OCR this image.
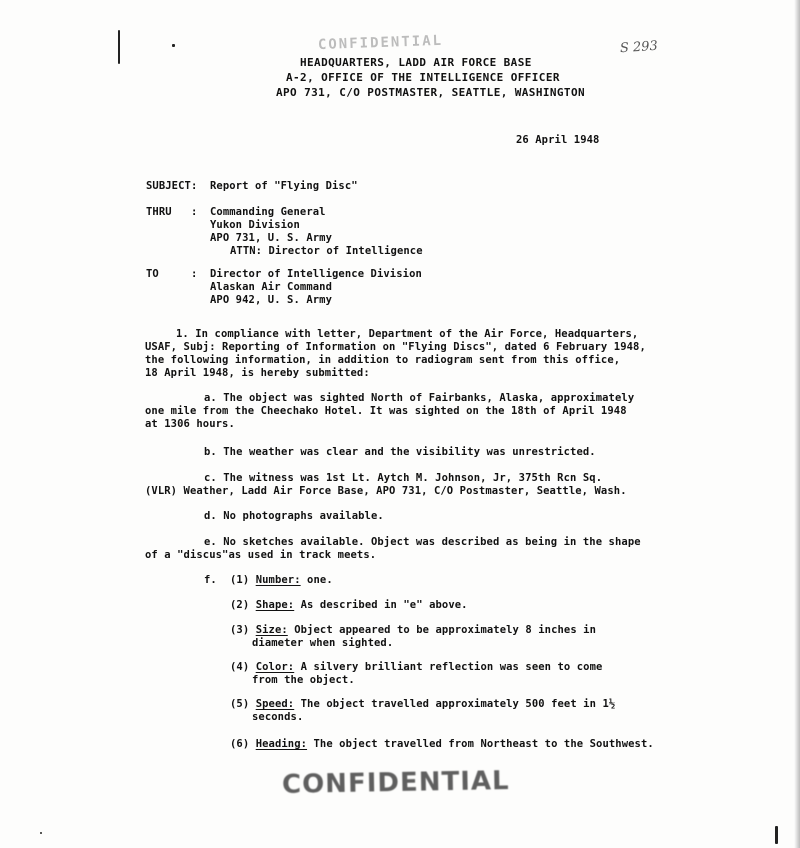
S 293
CONFIDENTIAL
HEADQUARTERS, LADD AIR FORCE BASE
A-2, OFFICE OF THE INTELLIGENCE OFFICER
APO 731, C/O POSTMASTER, SEATTLE, WASHINGTON
26 April 1948
SUBJECT: Report of "Flying Disc"
THRU : Commanding General
Yukon Division
APO 731, U. S. Army
ATTN: Director of Intelligence
TO	: Director of Intelligence Division
Alaskan Air Command
APO 942, U. S. Army
1. In compliance with letter, Department of the Air Force, Headquarters,
USAF, Subj: Reporting of Information on "Flying Discs", dated 6 February 1948,
the following information, in addition to radiogram sent from this office,
18 April 1948, is hereby submitted:
a. The object was sighted North of Fairbanks, Alaska, approximately
one mile from the Cheechako Hotel. It was sighted on the 18th of April 1948
at 1306 hours.
b. The weather was clear and the visibility was unrestricted.
c. The witness was 1st Lt. Aytch M. Johnson, Jr, 375th Rcn Sq.
(VLR) Weather, Ladd Air Force Base, APO 731, C/O Postmaster, Seattle, Wash.
d. No photographs available.
e. No sketches available. Object was described as being in the shape
of a "discus"as used in track meets.
f. (1) Number: one.
(2) Shape: As described in "e" above.
(3) Size: Object appeared to be approximately 8 inches in
diameter when sighted.
(4) Color: A silvery brilliant reflection was seen to come
from the object.
(5) Speed: The object travelled approximately 500 feet in 1½
seconds.
(6) Heading: The object travelled from Northeast to the Southwest.
CONFIDENTIAL
